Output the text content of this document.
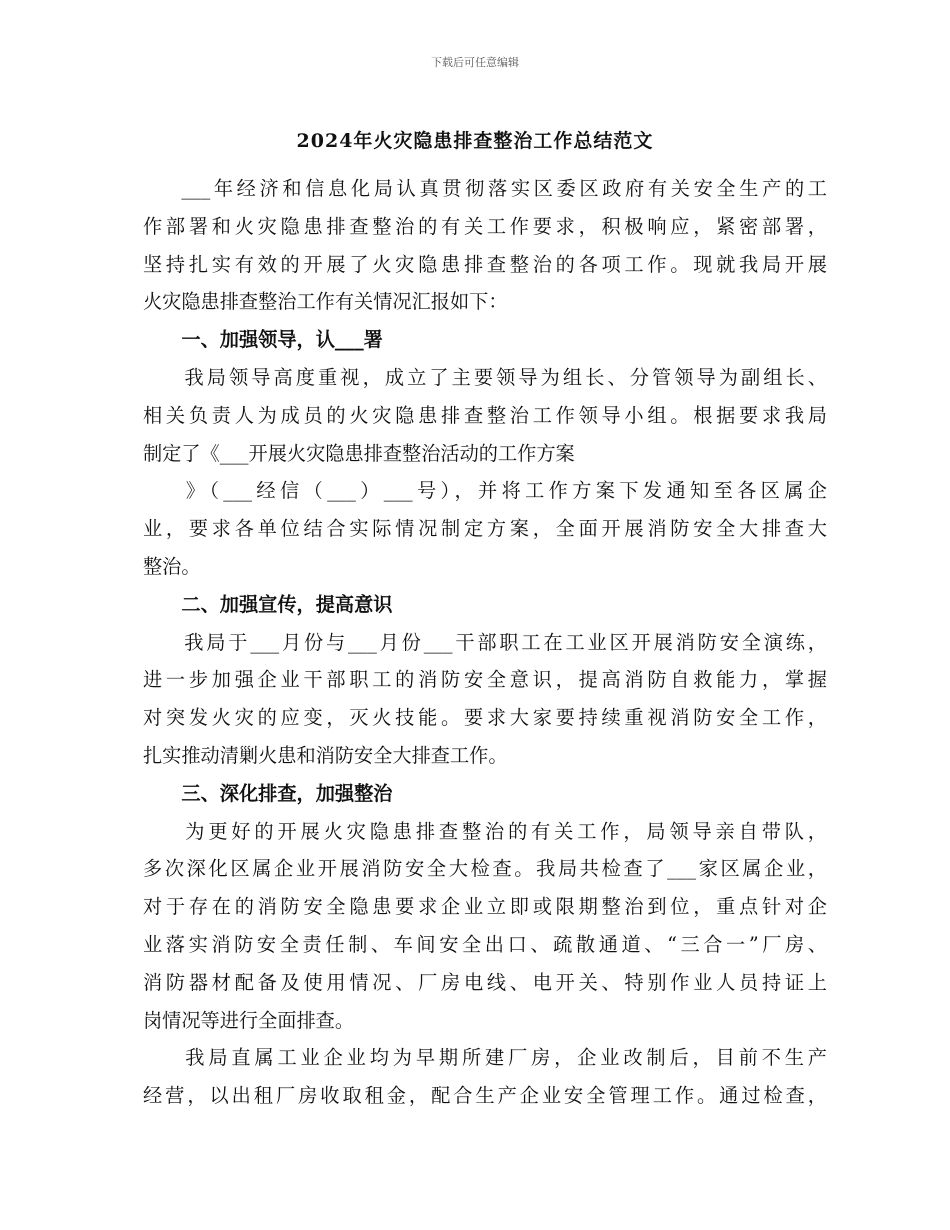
下载后可任意编辑
2024年火灾隐患排查整治工作总结范文
___年经济和信息化局认真贯彻落实区委区政府有关安全生产的工
作部署和火灾隐患排查整治的有关工作要求，积极响应，紧密部署，
坚持扎实有效的开展了火灾隐患排查整治的各项工作。现就我局开展
火灾隐患排查整治工作有关情况汇报如下：
一、加强领导，认___署
我局领导高度重视，成立了主要领导为组长、分管领导为副组长、
相关负责人为成员的火灾隐患排查整治工作领导小组。根据要求我局
制定了《___开展火灾隐患排查整治活动的工作方案
》（___经信（___）___号），并将工作方案下发通知至各区属企
业，要求各单位结合实际情况制定方案，全面开展消防安全大排查大
整治。
二、加强宣传，提高意识
我局于___月份与___月份___干部职工在工业区开展消防安全演练，
进一步加强企业干部职工的消防安全意识，提高消防自救能力，掌握
对突发火灾的应变，灭火技能。要求大家要持续重视消防安全工作，
扎实推动清剿火患和消防安全大排查工作。
三、深化排查，加强整治
为更好的开展火灾隐患排查整治的有关工作，局领导亲自带队，
多次深化区属企业开展消防安全大检查。我局共检查了___家区属企业，
对于存在的消防安全隐患要求企业立即或限期整治到位，重点针对企
业落实消防安全责任制、车间安全出口、疏散通道、“三合一”厂房、
消防器材配备及使用情况、厂房电线、电开关、特别作业人员持证上
岗情况等进行全面排查。
我局直属工业企业均为早期所建厂房，企业改制后，目前不生产
经营，以出租厂房收取租金，配合生产企业安全管理工作。通过检查，
